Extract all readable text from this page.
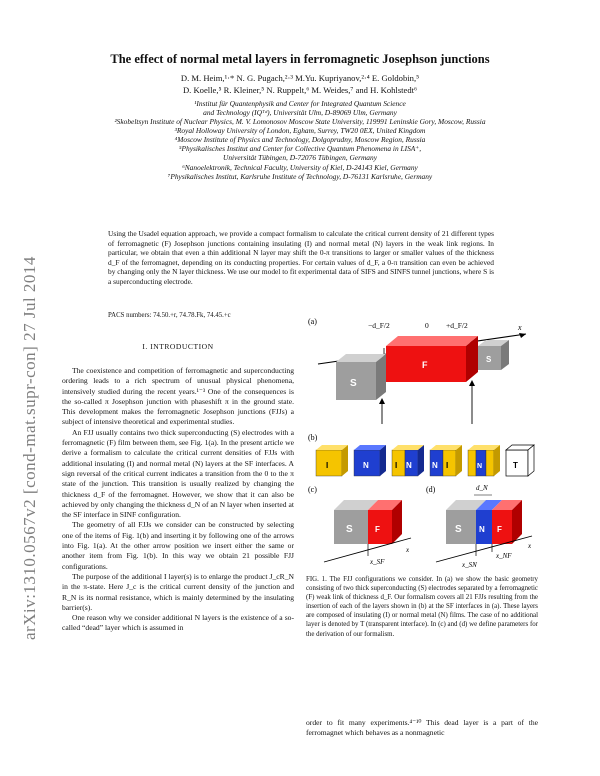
arXiv:1310.0567v2 [cond-mat.supr-con] 27 Jul 2014
The effect of normal metal layers in ferromagnetic Josephson junctions
D. M. Heim,¹·* N. G. Pugach,²·³ M.Yu. Kupriyanov,²·⁴ E. Goldobin,⁵
D. Koelle,⁵ R. Kleiner,⁵ N. Ruppelt,⁶ M. Weides,⁷ and H. Kohlstedt⁶
¹Institut für Quantenphysik and Center for Integrated Quantum Science
and Technology (IQᵀᵈ), Universität Ulm, D-89069 Ulm, Germany
²Skobeltsyn Institute of Nuclear Physics, M. V. Lomonosov Moscow State University, 119991 Leninskie Gory, Moscow, Russia
³Royal Holloway University of London, Egham, Surrey, TW20 0EX, United Kingdom
⁴Moscow Institute of Physics and Technology, Dolgoprudny, Moscow Region, Russia
⁵Physikalisches Institut and Center for Collective Quantum Phenomena in LISA⁺,
Universität Tübingen, D-72076 Tübingen, Germany
⁶Nanoelektronik, Technical Faculty, University of Kiel, D-24143 Kiel, Germany
⁷Physikalisches Institut, Karlsruhe Institute of Technology, D-76131 Karlsruhe, Germany
Using the Usadel equation approach, we provide a compact formalism to calculate the critical current density of 21 different types of ferromagnetic (F) Josephson junctions containing insulating (I) and normal metal (N) layers in the weak link regions. In particular, we obtain that even a thin additional N layer may shift the 0-π transitions to larger or smaller values of the thickness d_F of the ferromagnet, depending on its conducting properties. For certain values of d_F, a 0-π transition can even be achieved by changing only the N layer thickness. We use our model to fit experimental data of SIFS and SINFS tunnel junctions, where S is a superconducting electrode.
PACS numbers: 74.50.+r, 74.78.Fk, 74.45.+c
I. INTRODUCTION

The coexistence and competition of ferromagnetic and superconducting ordering leads to a rich spectrum of unusual physical phenomena, intensively studied during the recent years.¹⁻³ One of the consequences is the so-called π Josephson junction with phaseshift π in the ground state. This development makes the ferromagnetic Josephson junctions (FJJs) a subject of intensive theoretical and experimental studies.

An FJJ usually contains two thick superconducting (S) electrodes with a ferromagnetic (F) film between them, see Fig. 1(a). In the present article we derive a formalism to calculate the critical current densities of FJJs with additional insulating (I) and normal metal (N) layers at the SF interfaces. A sign reversal of the critical current indicates a transition from the 0 to the π state of the junction. This transition is usually realized by changing the thickness d_F of the ferromagnet. However, we show that it can also be achieved by only changing the thickness d_N of an N layer when inserted at the SF interface in SINF configuration.

The geometry of all FJJs we consider can be constructed by selecting one of the items of Fig. 1(b) and inserting it by following one of the arrows into Fig. 1(a). At the other arrow position we insert either the same or another item from Fig. 1(b). In this way we obtain 21 possible FJJ configurations.

The purpose of the additional I layer(s) is to enlarge the product J_cR_N in the π-state. Here J_c is the critical current density of the junction and R_N is its normal resistance, which is mainly determined by the insulating barrier(s).

One reason why we consider additional N layers is the existence of a so-called “dead” layer which is assumed in

(a)
x
−d_F/2	0 +d_F/2
S
F
S
(b)
I	N	I N	N I	N	T
(c)
S	F
x_SF
x
(d)	d_N
S N F
x_SN
x_NF
x
FIG. 1. The FJJ configurations we consider. In (a) we show the basic geometry consisting of two thick superconducting (S) electrodes separated by a ferromagnetic (F) weak link of thickness d_F. Our formalism covers all 21 FJJs resulting from the insertion of each of the layers shown in (b) at the SF interfaces in (a). These layers are composed of insulating (I) or normal metal (N) films. The case of no additional layer is denoted by T (transparent interface). In (c) and (d) we define parameters for the derivation of our formalism.
order to fit many experiments.⁴⁻¹⁰ This dead layer is a part of the ferromagnet which behaves as a nonmagnetic
